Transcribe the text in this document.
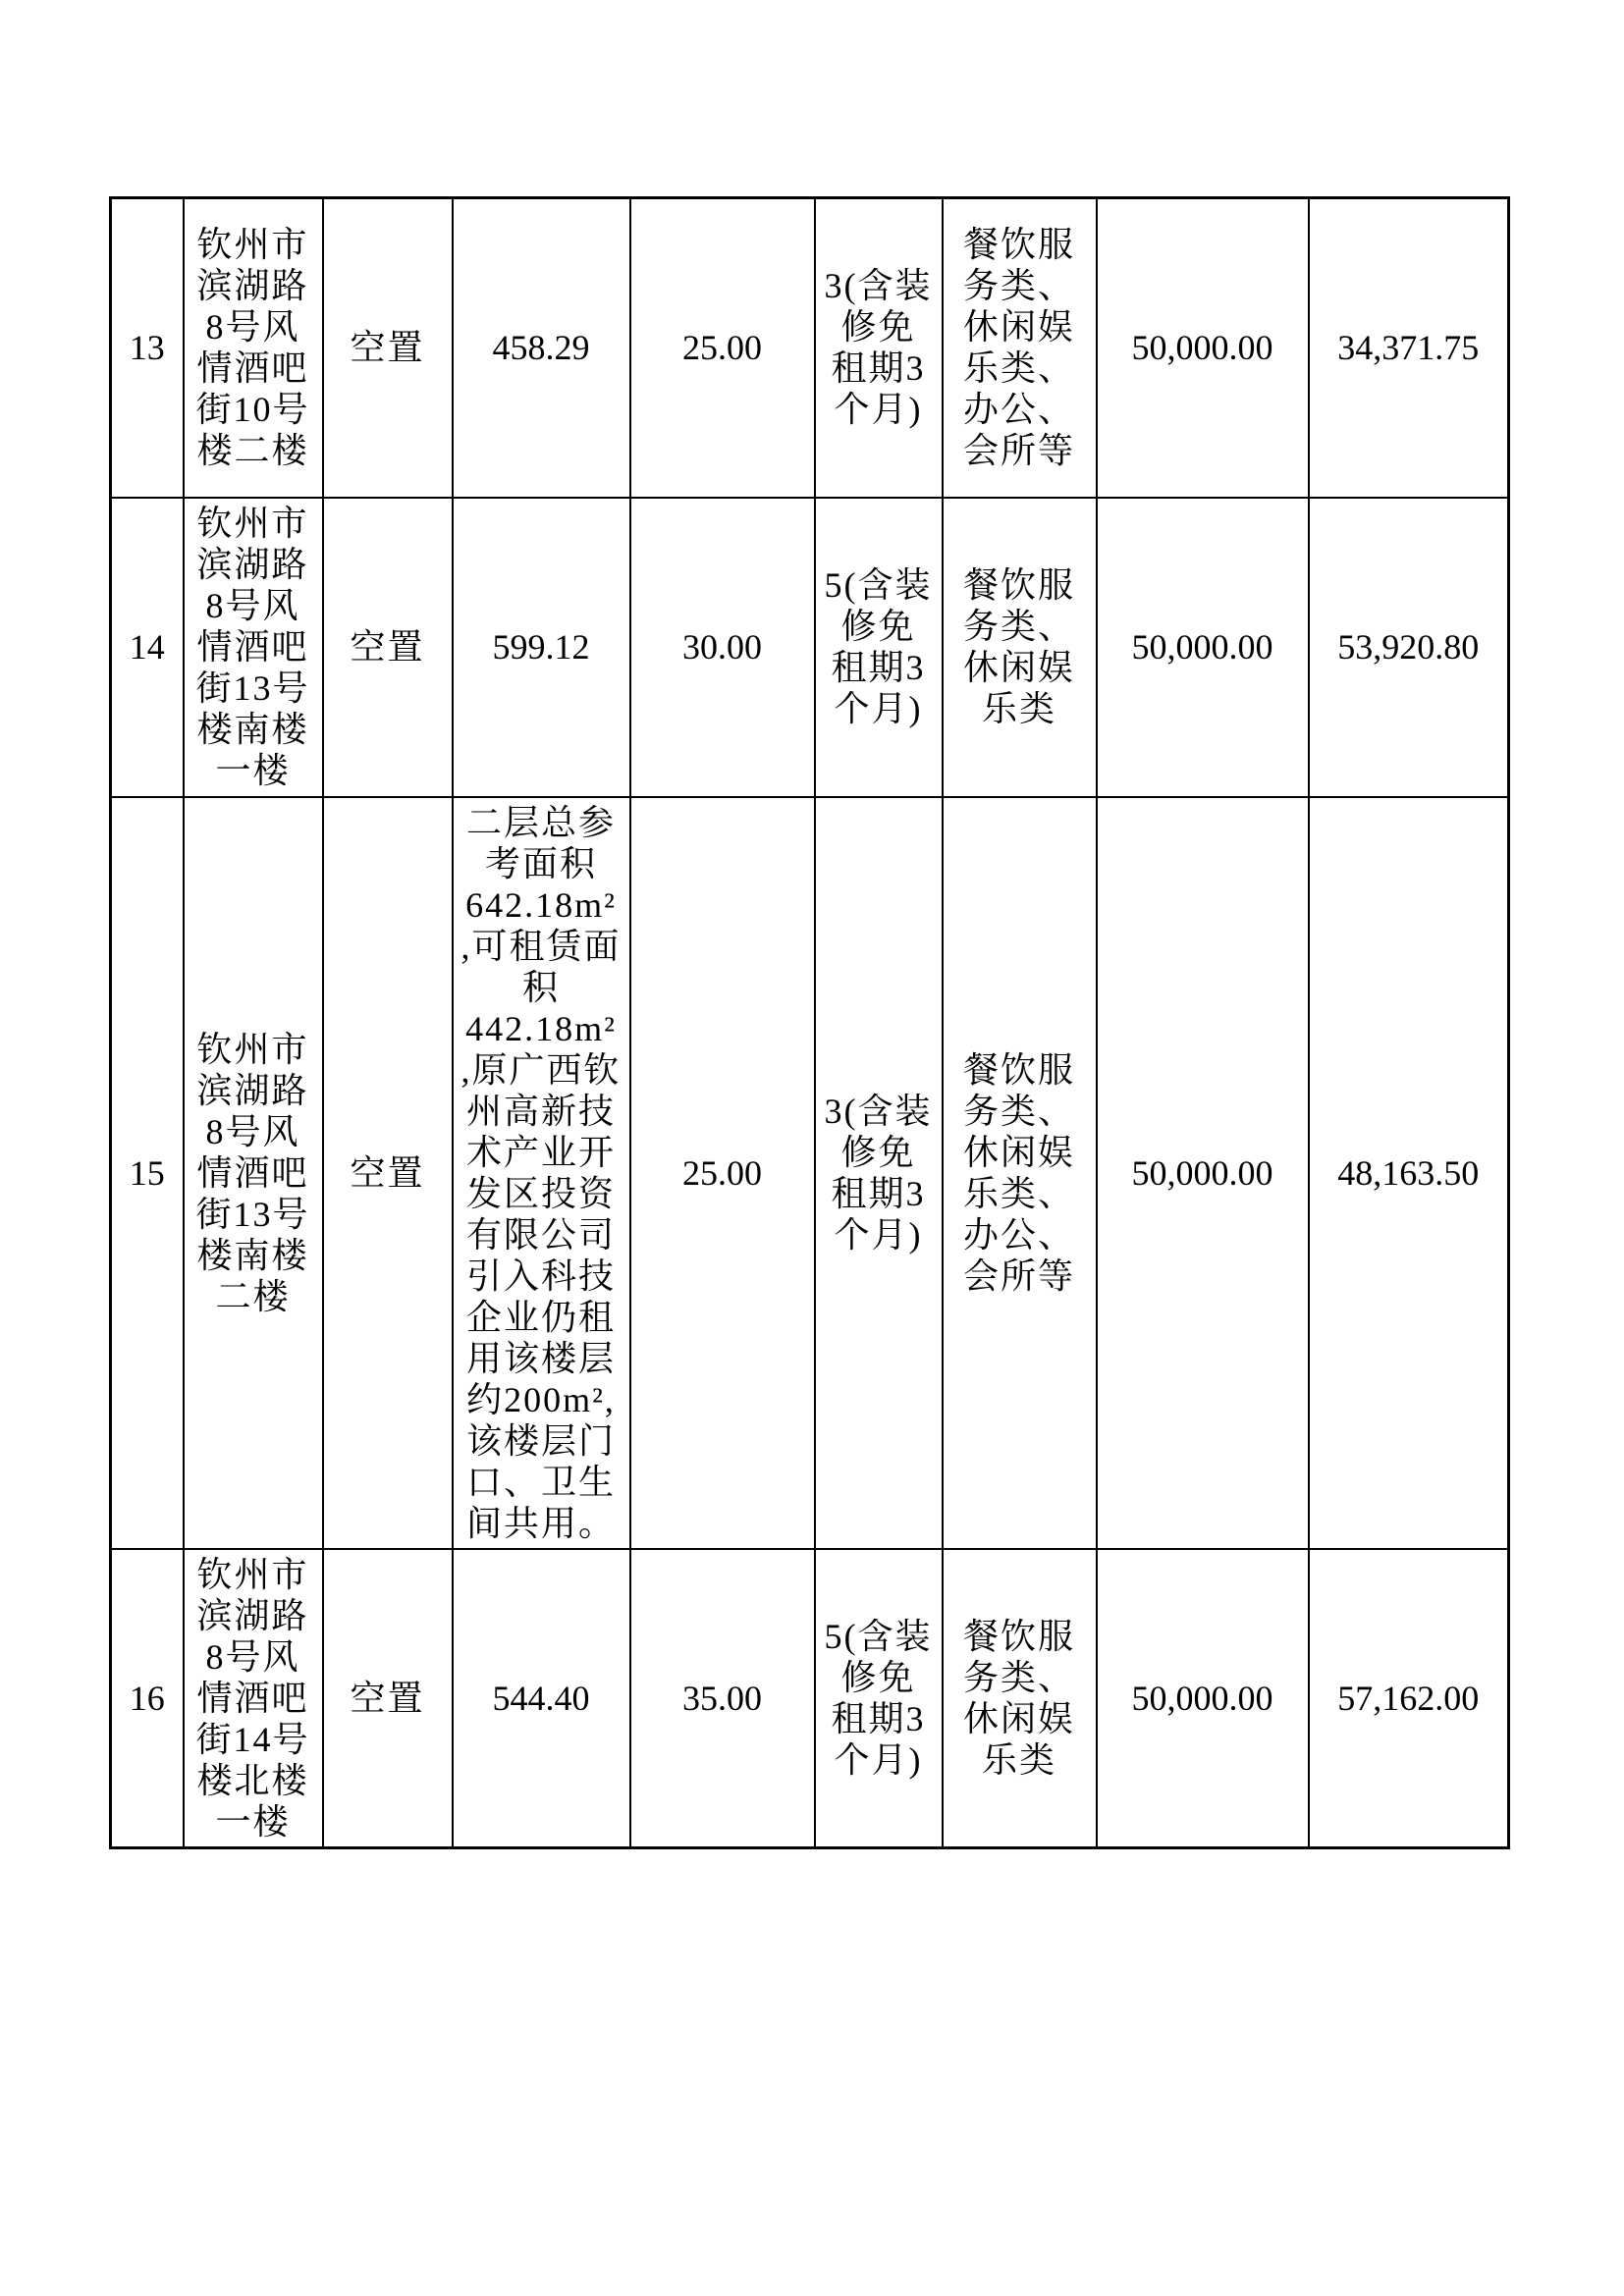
13	钦州市滨湖路8号风情酒吧街10号楼二楼	空置	458.29	25.00	3(含装修免租期3个月)	餐饮服务类、休闲娱乐类、办公、会所等	50,000.00	34,371.75
14	钦州市滨湖路8号风情酒吧街13号楼南楼一楼	空置	599.12	30.00	5(含装修免租期3个月)	餐饮服务类、休闲娱乐类	50,000.00	53,920.80
15	钦州市滨湖路8号风情酒吧街13号楼南楼二楼	空置	二层总参考面积642.18m²,可租赁面积442.18m²,原广西钦州高新技术产业开发区投资有限公司引入科技企业仍租用该楼层约200m²,该楼层门口、卫生间共用。	25.00	3(含装修免租期3个月)	餐饮服务类、休闲娱乐类、办公、会所等	50,000.00	48,163.50
16	钦州市滨湖路8号风情酒吧街14号楼北楼一楼	空置	544.40	35.00	5(含装修免租期3个月)	餐饮服务类、休闲娱乐类	50,000.00	57,162.00
